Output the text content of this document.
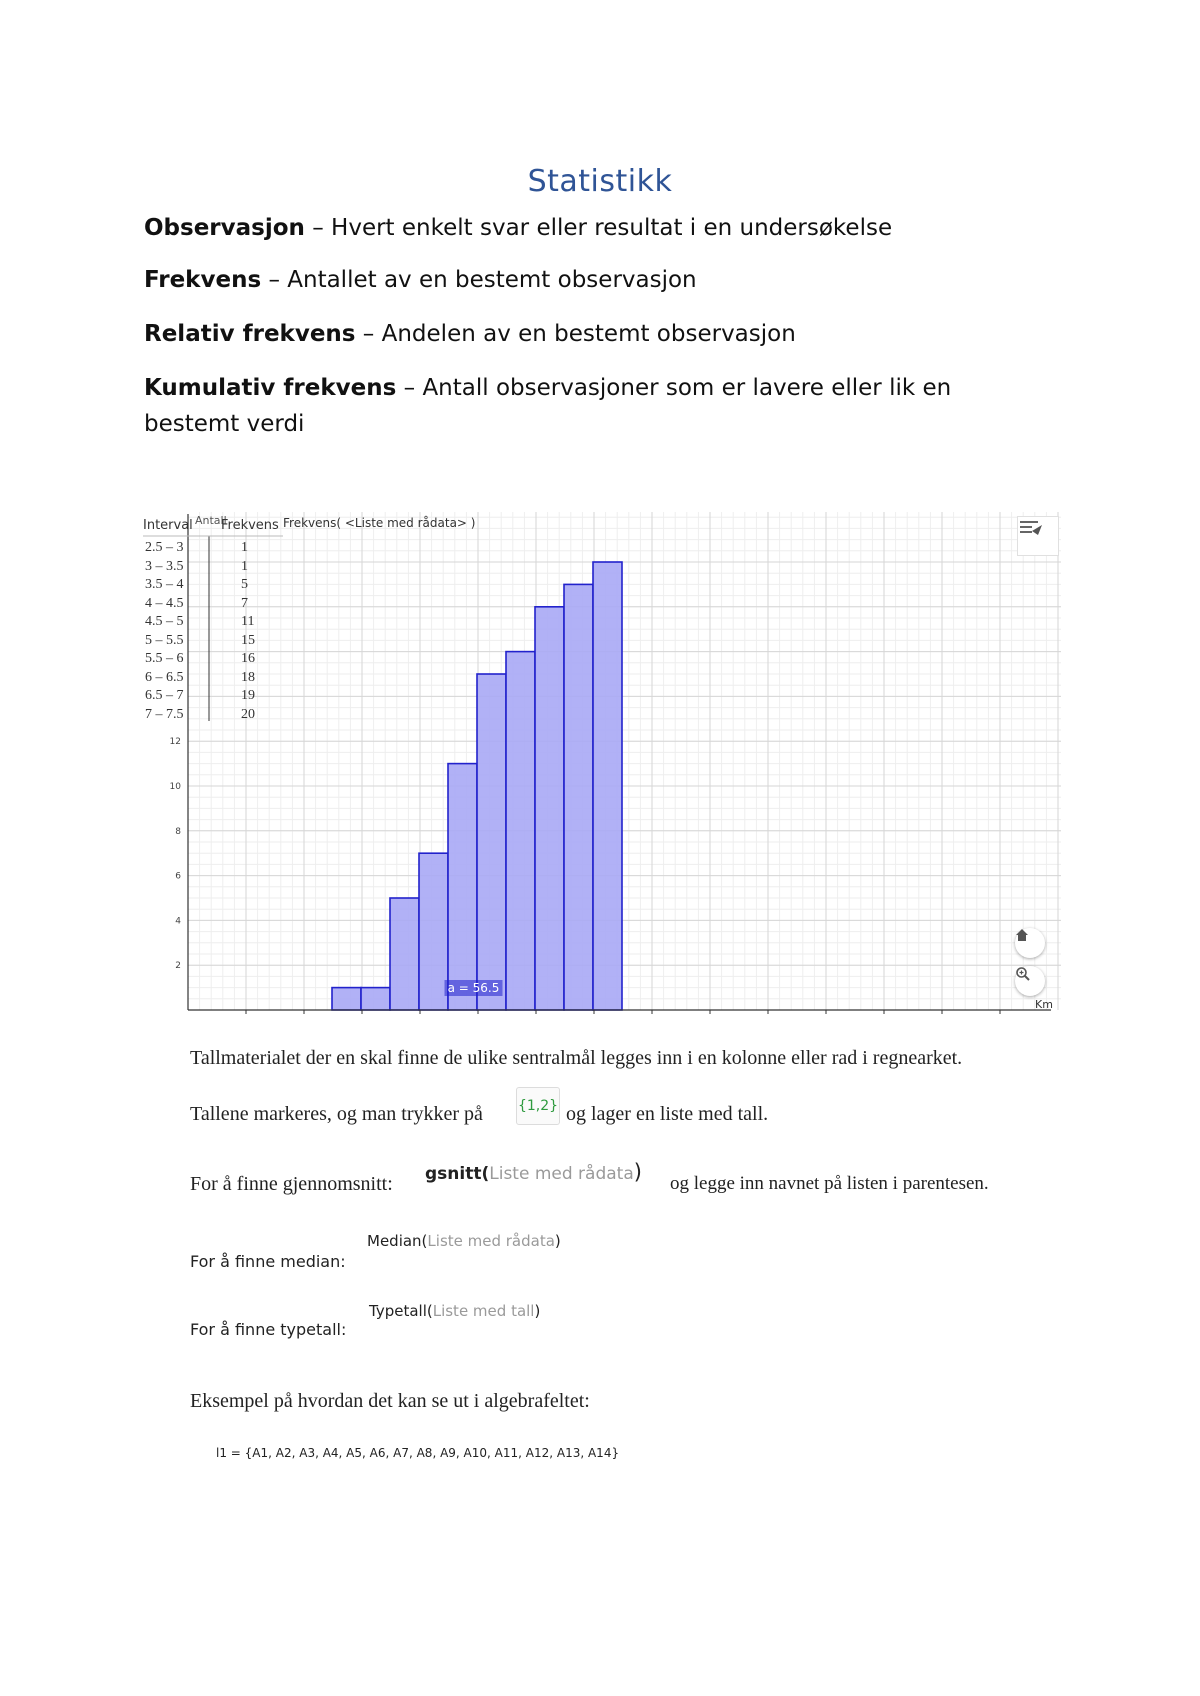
Statistikk
Observasjon – Hvert enkelt svar eller resultat i en undersøkelse
Frekvens – Antallet av en bestemt observasjon
Relativ frekvens – Andelen av en bestemt observasjon
Kumulativ frekvens – Antall observasjoner som er lavere eller lik en bestemt verdi
2
4
6
8
10
12
a = 56.5
Interval Antall
Frekvens Frekvens( <Liste med rådata> )
2.5 – 3	1
3 – 3.5	1
3.5 – 4	5
4 – 4.5	7
4.5 – 5	11
5 – 5.5	15
5.5 – 6	16
6 – 6.5	18
6.5 – 7	19
7 – 7.5	20
Km
Tallmaterialet der en skal finne de ulike sentralmål legges inn i en kolonne eller rad i regnearket.
Tallene markeres, og man trykker på	{1,2} og lager en liste med tall.
For å finne gjennomsnitt: gsnitt(Liste med rådata) og legge inn navnet på listen i parentesen.
Median(Liste med rådata)
For å finne median:
Typetall(Liste med tall)
For å finne typetall:
Eksempel på hvordan det kan se ut i algebrafeltet:
l1 = {A1, A2, A3, A4, A5, A6, A7, A8, A9, A10, A11, A12, A13, A14}
